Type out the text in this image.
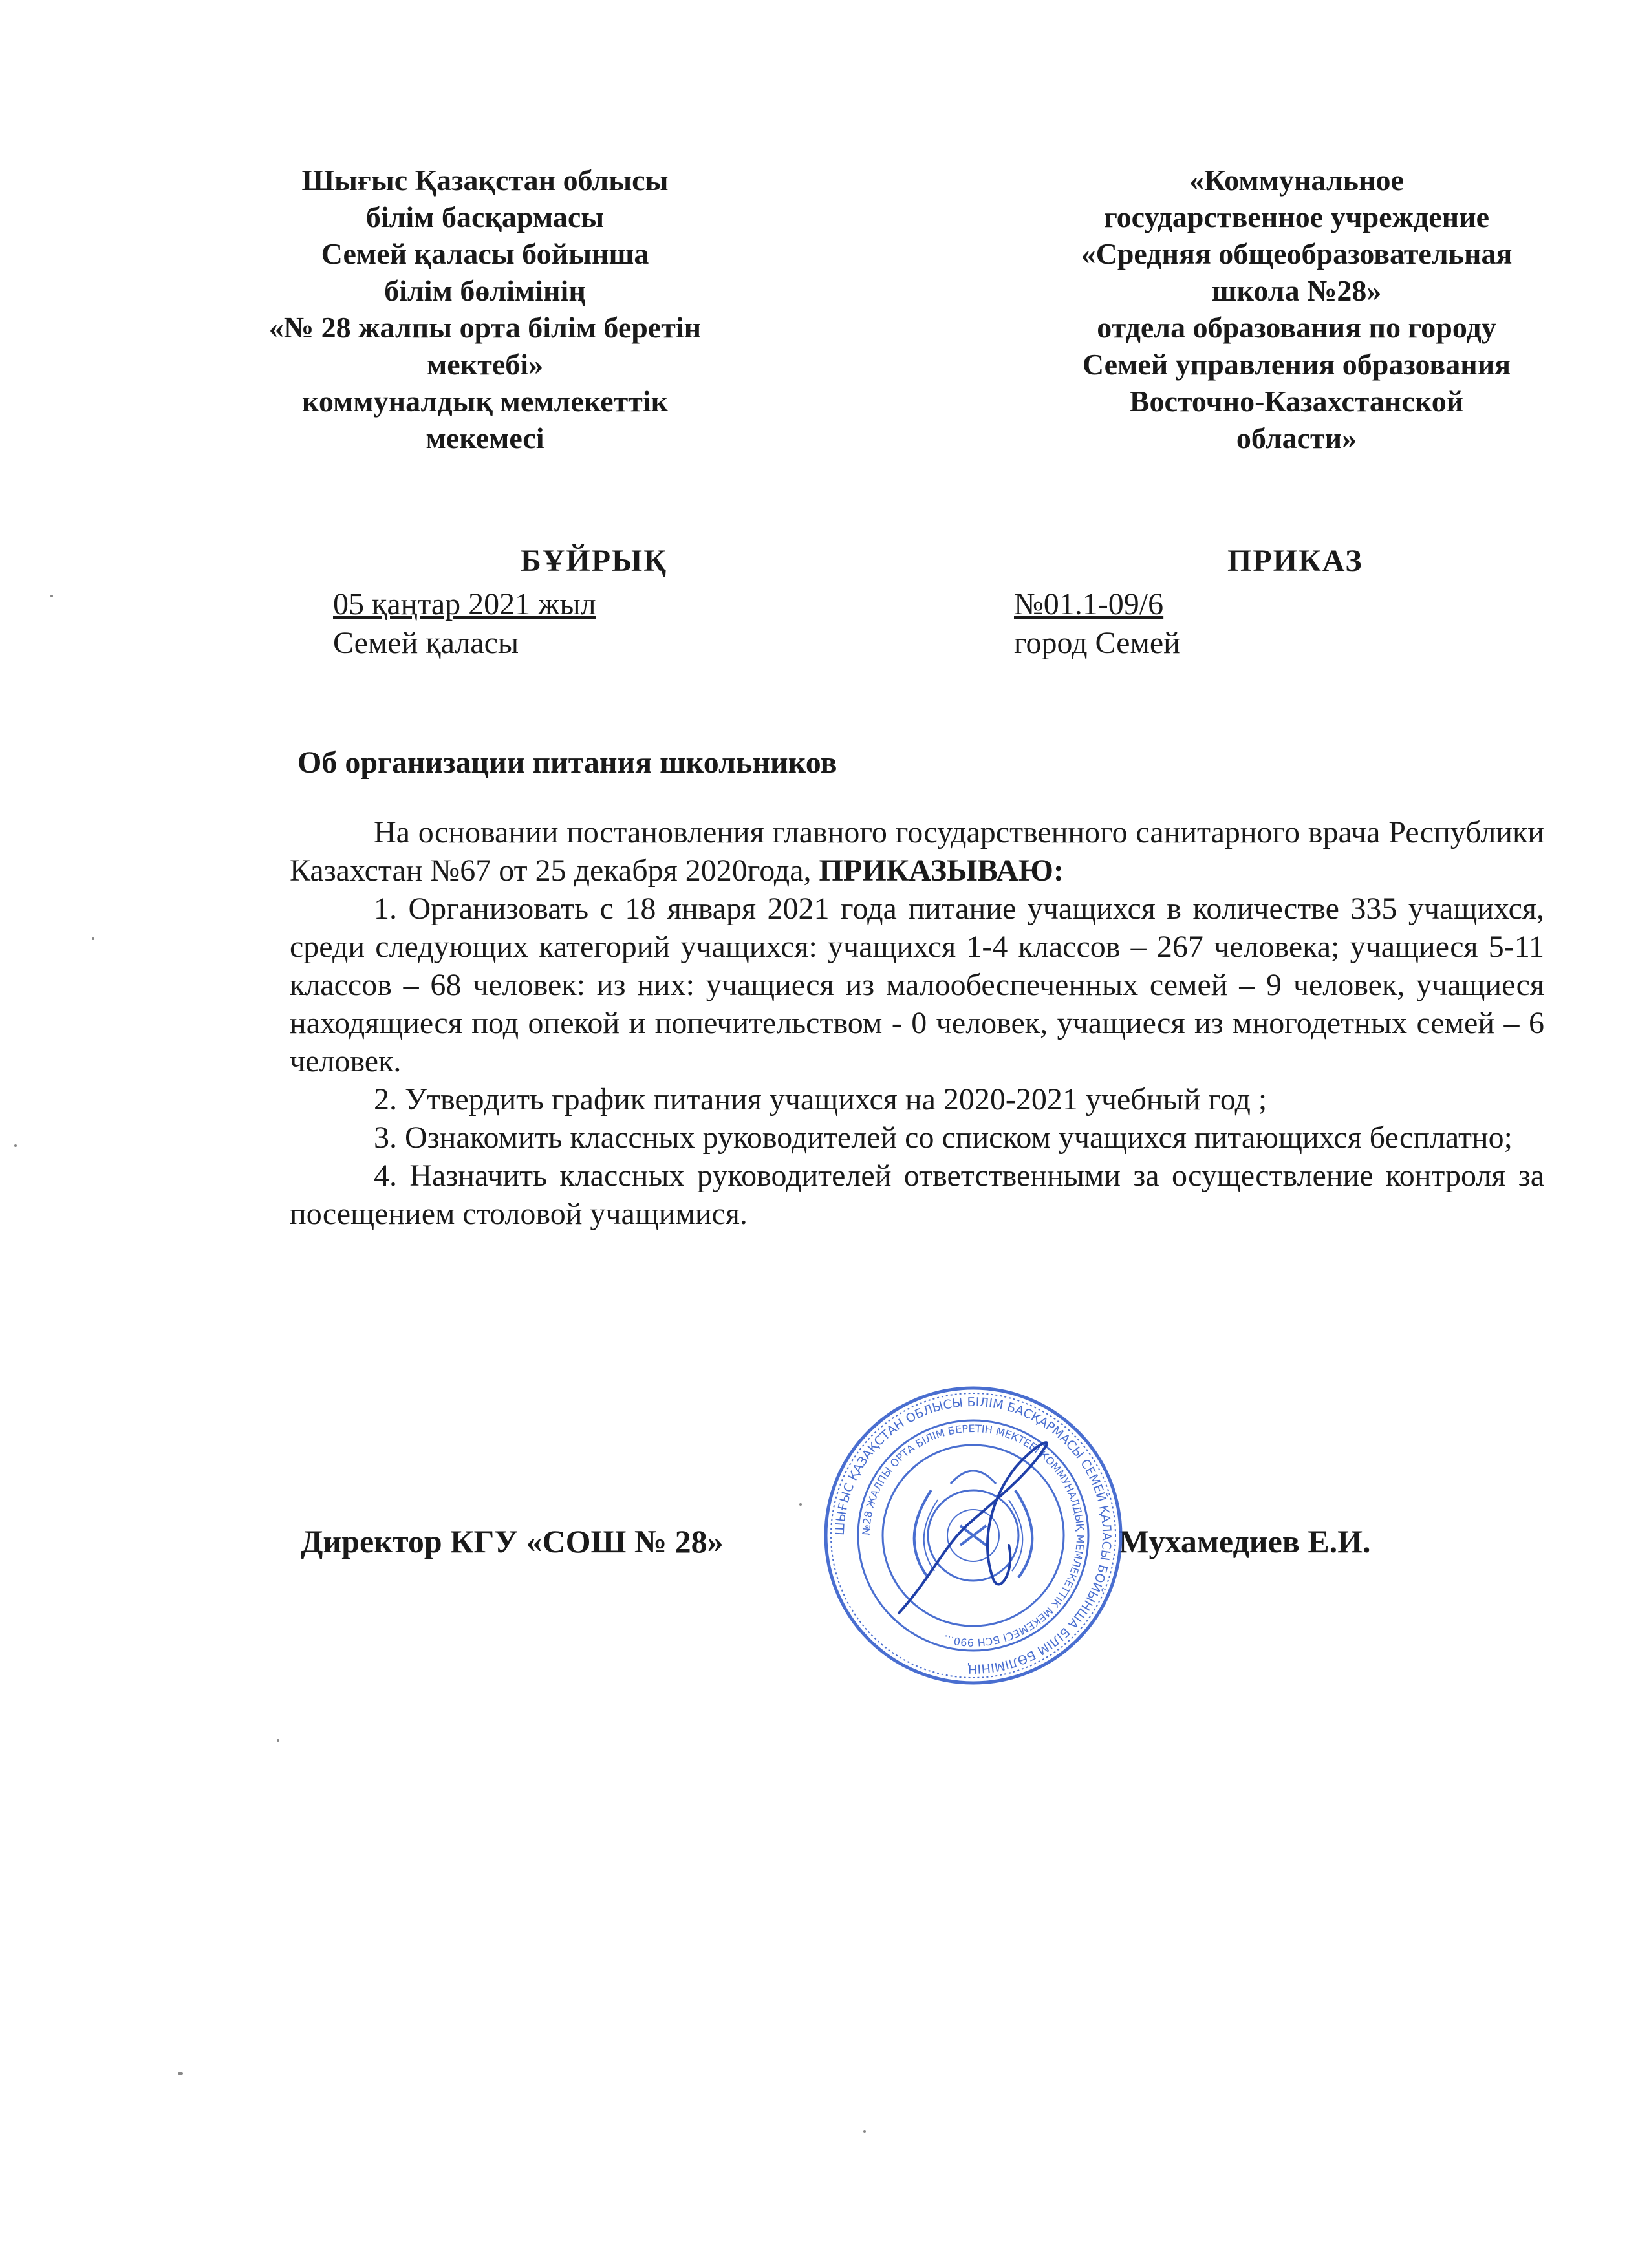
Шығыс Қазақстан облысы
білім басқармасы
Семей қаласы бойынша
білім бөлімінің
«№ 28 жалпы орта білім беретін
мектебі»
коммуналдық мемлекеттік
мекемесі
«Коммунальное
государственное учреждение
«Средняя общеобразовательная
школа №28»
отдела образования по городу
Семей управления образования
Восточно-Казахстанской
области»
БҰЙРЫҚ	ПРИКАЗ
05 қаңтар 2021 жыл
Семей қаласы
№01.1-09/6
город Семей
Об организации питания школьников
На основании постановления главного государственного санитарного врача Республики Казахстан №67 от 25 декабря 2020года, ПРИКАЗЫВАЮ:
1. Организовать с 18 января 2021 года питание учащихся в количестве 335 учащихся, среди следующих категорий учащихся: учащихся 1-4 классов – 267 человека; учащиеся 5-11 классов – 68 человек: из них: учащиеся из малообеспеченных семей – 9 человек, учащиеся находящиеся под опекой и попечительством - 0 человек, учащиеся из многодетных семей – 6 человек.
2. Утвердить график питания учащихся на 2020-2021 учебный год ;
3. Ознакомить классных руководителей со списком учащихся питающихся бесплатно;
4. Назначить классных руководителей ответственными за осуществление контроля за посещением столовой учащимися.
Директор КГУ «СОШ № 28»	Мухамедиев Е.И.
ШЫҒЫС ҚАЗАҚСТАН ОБЛЫСЫ БІЛІМ БАСҚАРМАСЫ СЕМЕЙ ҚАЛАСЫ БОЙЫНША БІЛІМ БӨЛІМІНІҢ
№28 ЖАЛПЫ ОРТА БІЛІМ БЕРЕТІН МЕКТЕБІ КОММУНАЛДЫҚ МЕМЛЕКЕТТІК МЕКЕМЕСІ БСН 990...
